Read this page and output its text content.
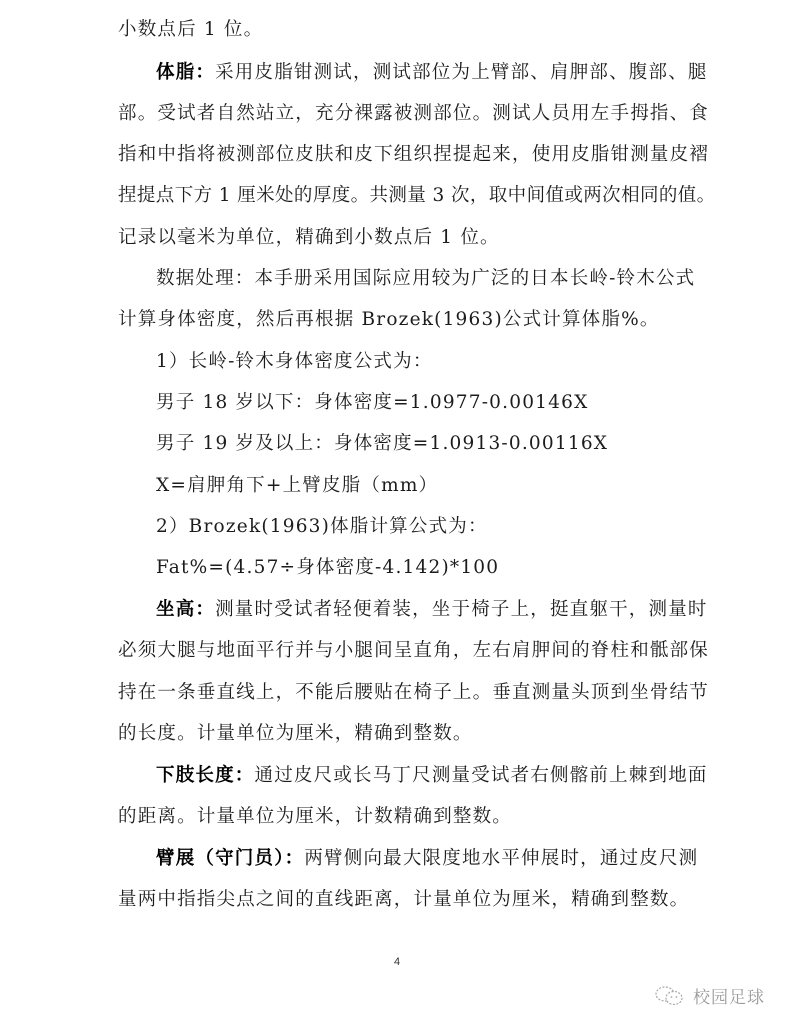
小数点后 1 位。
体脂：采用皮脂钳测试，测试部位为上臂部、肩胛部、腹部、腿
部。受试者自然站立，充分裸露被测部位。测试人员用左手拇指、食
指和中指将被测部位皮肤和皮下组织捏提起来，使用皮脂钳测量皮褶
捏提点下方 1 厘米处的厚度。共测量 3 次，取中间值或两次相同的值。
记录以毫米为单位，精确到小数点后 1 位。
数据处理：本手册采用国际应用较为广泛的日本长岭-铃木公式
计算身体密度，然后再根据 Brozek(1963)公式计算体脂%。
1）长岭-铃木身体密度公式为：
男子 18 岁以下：身体密度=1.0977-0.00146X
男子 19 岁及以上：身体密度=1.0913-0.00116X
X=肩胛角下+上臂皮脂（mm）
2）Brozek(1963)体脂计算公式为：
Fat%=(4.57÷身体密度-4.142)*100
坐高：测量时受试者轻便着装，坐于椅子上，挺直躯干，测量时
必须大腿与地面平行并与小腿间呈直角，左右肩胛间的脊柱和骶部保
持在一条垂直线上，不能后腰贴在椅子上。垂直测量头顶到坐骨结节
的长度。计量单位为厘米，精确到整数。
下肢长度：通过皮尺或长马丁尺测量受试者右侧髂前上棘到地面
的距离。计量单位为厘米，计数精确到整数。
臂展（守门员）：两臂侧向最大限度地水平伸展时，通过皮尺测
量两中指指尖点之间的直线距离，计量单位为厘米，精确到整数。
4
校园足球
